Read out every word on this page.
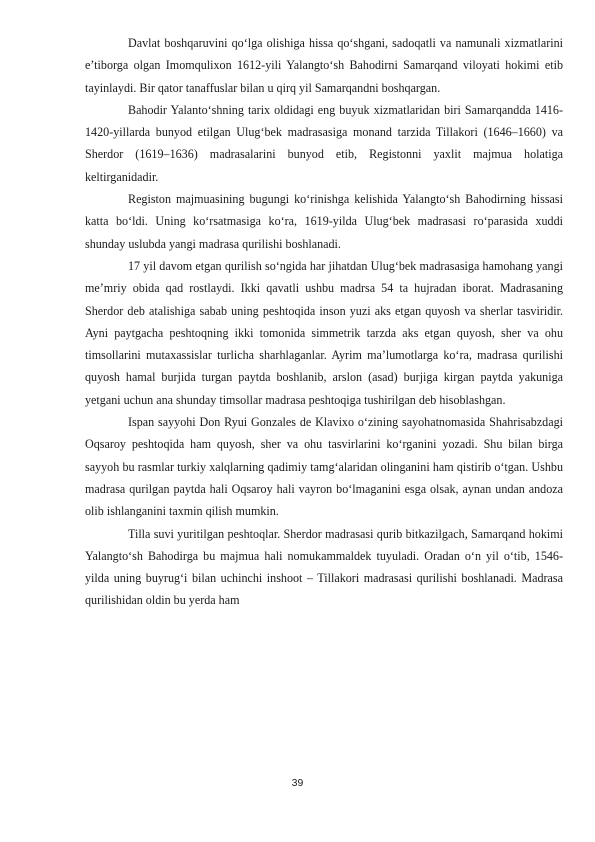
Davlat boshqaruvini qo‘lga olishiga hissa qo‘shgani, sadoqatli va namunali xizmatlarini e’tiborga olgan Imomqulixon 1612-yili Yalangto‘sh Bahodirni Samarqand viloyati hokimi etib tayinlaydi. Bir qator tanaffuslar bilan u qirq yil Samarqandni boshqargan.

Bahodir Yalanto‘shning tarix oldidagi eng buyuk xizmatlaridan biri Samarqandda 1416-1420-yillarda bunyod etilgan Ulug‘bek madrasasiga monand tarzida Tillakori (1646–1660) va Sherdor (1619–1636) madrasalarini bunyod etib, Registonni yaxlit majmua holatiga keltirganidadir.

Registon majmuasining bugungi ko‘rinishga kelishida Yalangto‘sh Bahodirning hissasi katta bo‘ldi. Uning ko‘rsatmasiga ko‘ra, 1619-yilda Ulug‘bek madrasasi ro‘parasida xuddi shunday uslubda yangi madrasa qurilishi boshlanadi.

17 yil davom etgan qurilish so‘ngida har jihatdan Ulug‘bek madrasasiga hamohang yangi me’mriy obida qad rostlaydi. Ikki qavatli ushbu madrsa 54 ta hujradan iborat. Madrasaning Sherdor deb atalishiga sabab uning peshtoqida inson yuzi aks etgan quyosh va sherlar tasviridir. Ayni paytgacha peshtoqning ikki tomonida simmetrik tarzda aks etgan quyosh, sher va ohu timsollarini mutaxassislar turlicha sharhlaganlar. Ayrim ma’lumotlarga ko‘ra, madrasa qurilishi quyosh hamal burjida turgan paytda boshlanib, arslon (asad) burjiga kirgan paytda yakuniga yetgani uchun ana shunday timsollar madrasa peshtoqiga tushirilgan deb hisoblashgan.

Ispan sayyohi Don Ryui Gonzales de Klavixo o‘zining sayohatnomasida Shahrisabzdagi Oqsaroy peshtoqida ham quyosh, sher va ohu tasvirlarini ko‘rganini yozadi. Shu bilan birga sayyoh bu rasmlar turkiy xalqlarning qadimiy tamg‘alaridan olinganini ham qistirib o‘tgan. Ushbu madrasa qurilgan paytda hali Oqsaroy hali vayron bo‘lmaganini esga olsak, aynan undan andoza olib ishlanganini taxmin qilish mumkin.

Tilla suvi yuritilgan peshtoqlar. Sherdor madrasasi qurib bitkazilgach, Samarqand hokimi Yalangto‘sh Bahodirga bu majmua hali nomukammaldek tuyuladi. Oradan o‘n yil o‘tib, 1546-yilda uning buyrug‘i bilan uchinchi inshoot – Tillakori madrasasi qurilishi boshlanadi. Madrasa qurilishidan oldin bu yerda ham

39
